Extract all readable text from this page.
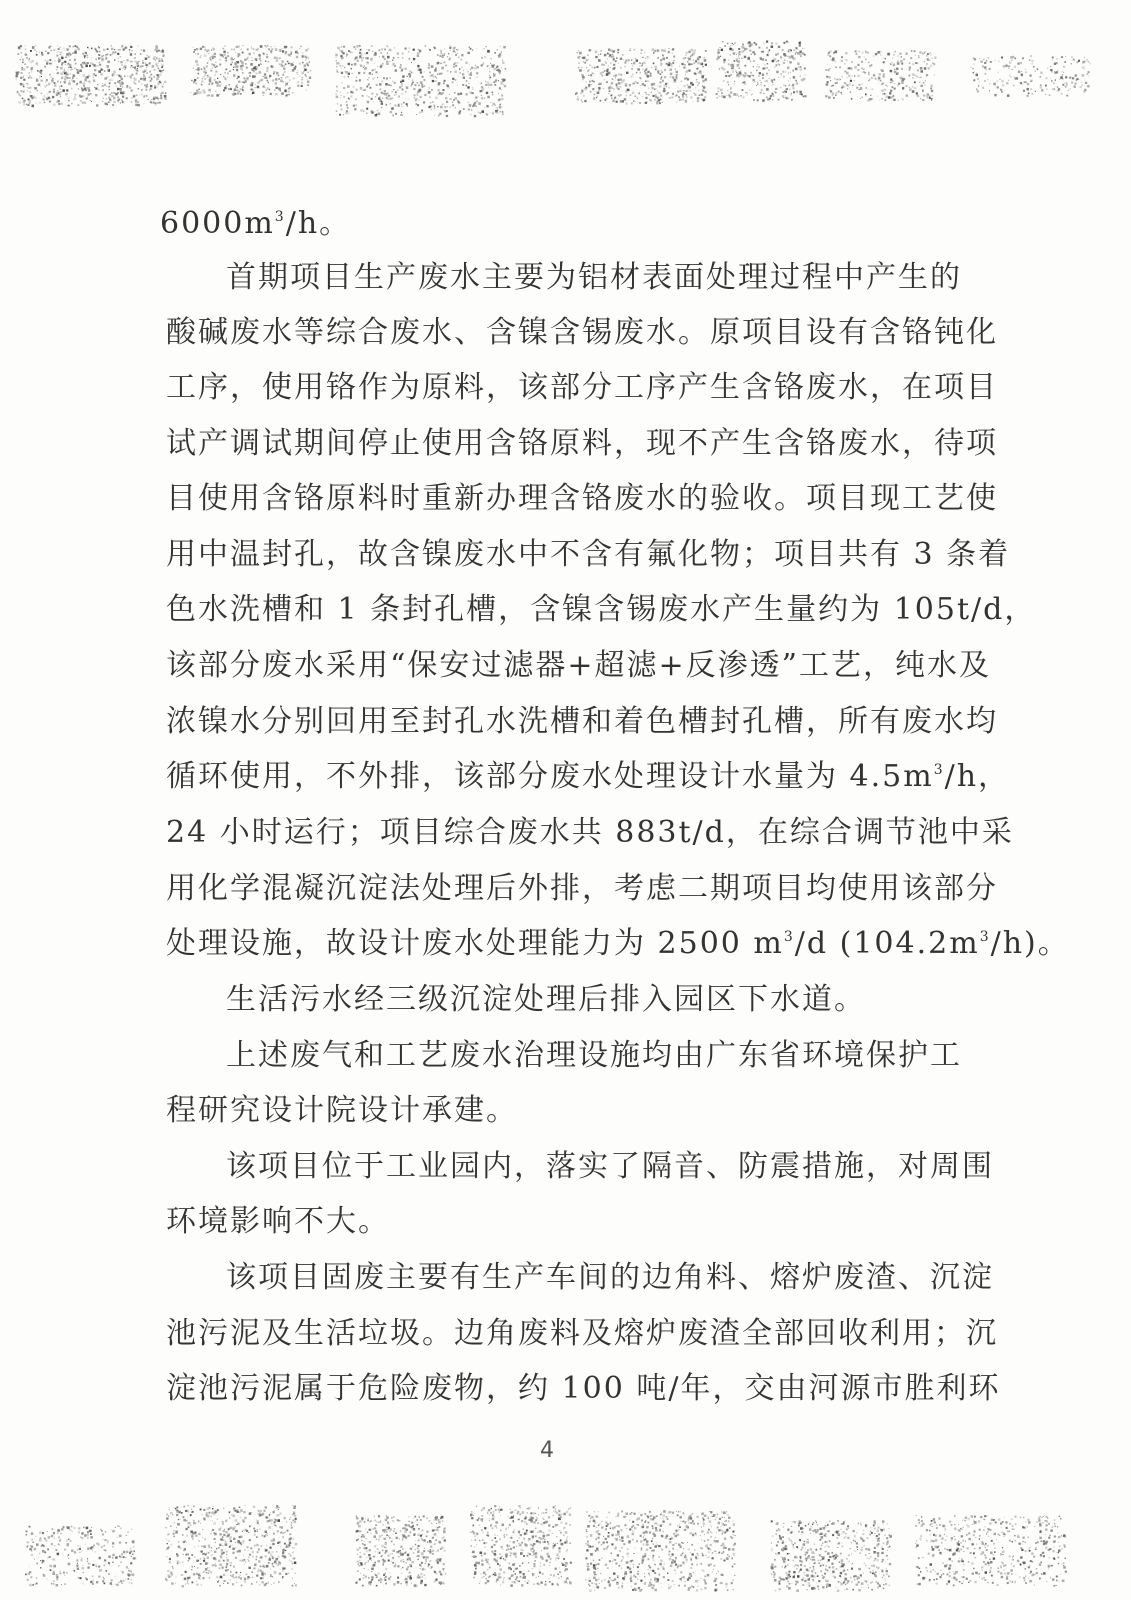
$6000m^3/h$。
首期项目生产废水主要为铝材表面处理过程中产生的
酸碱废水等综合废水、含镍含锡废水。原项目设有含铬钝化
工序，使用铬作为原料，该部分工序产生含铬废水，在项目
试产调试期间停止使用含铬原料，现不产生含铬废水，待项
目使用含铬原料时重新办理含铬废水的验收。项目现工艺使
用中温封孔，故含镍废水中不含有氟化物；项目共有 3 条着
色水洗槽和 1 条封孔槽，含镍含锡废水产生量约为 105t/d，
该部分废水采用“保安过滤器+超滤+反渗透”工艺，纯水及
浓镍水分别回用至封孔水洗槽和着色槽封孔槽，所有废水均
循环使用，不外排，该部分废水处理设计水量为 $4.5m^3/h$，
24 小时运行；项目综合废水共 883t/d，在综合调节池中采
用化学混凝沉淀法处理后外排，考虑二期项目均使用该部分
处理设施，故设计废水处理能力为 2500 $m^3/d$ $(104.2m^3/h)$。
生活污水经三级沉淀处理后排入园区下水道。
上述废气和工艺废水治理设施均由广东省环境保护工
程研究设计院设计承建。
该项目位于工业园内，落实了隔音、防震措施，对周围
环境影响不大。
该项目固废主要有生产车间的边角料、熔炉废渣、沉淀
池污泥及生活垃圾。边角废料及熔炉废渣全部回收利用；沉
淀池污泥属于危险废物，约 100 吨/年，交由河源市胜利环
4
